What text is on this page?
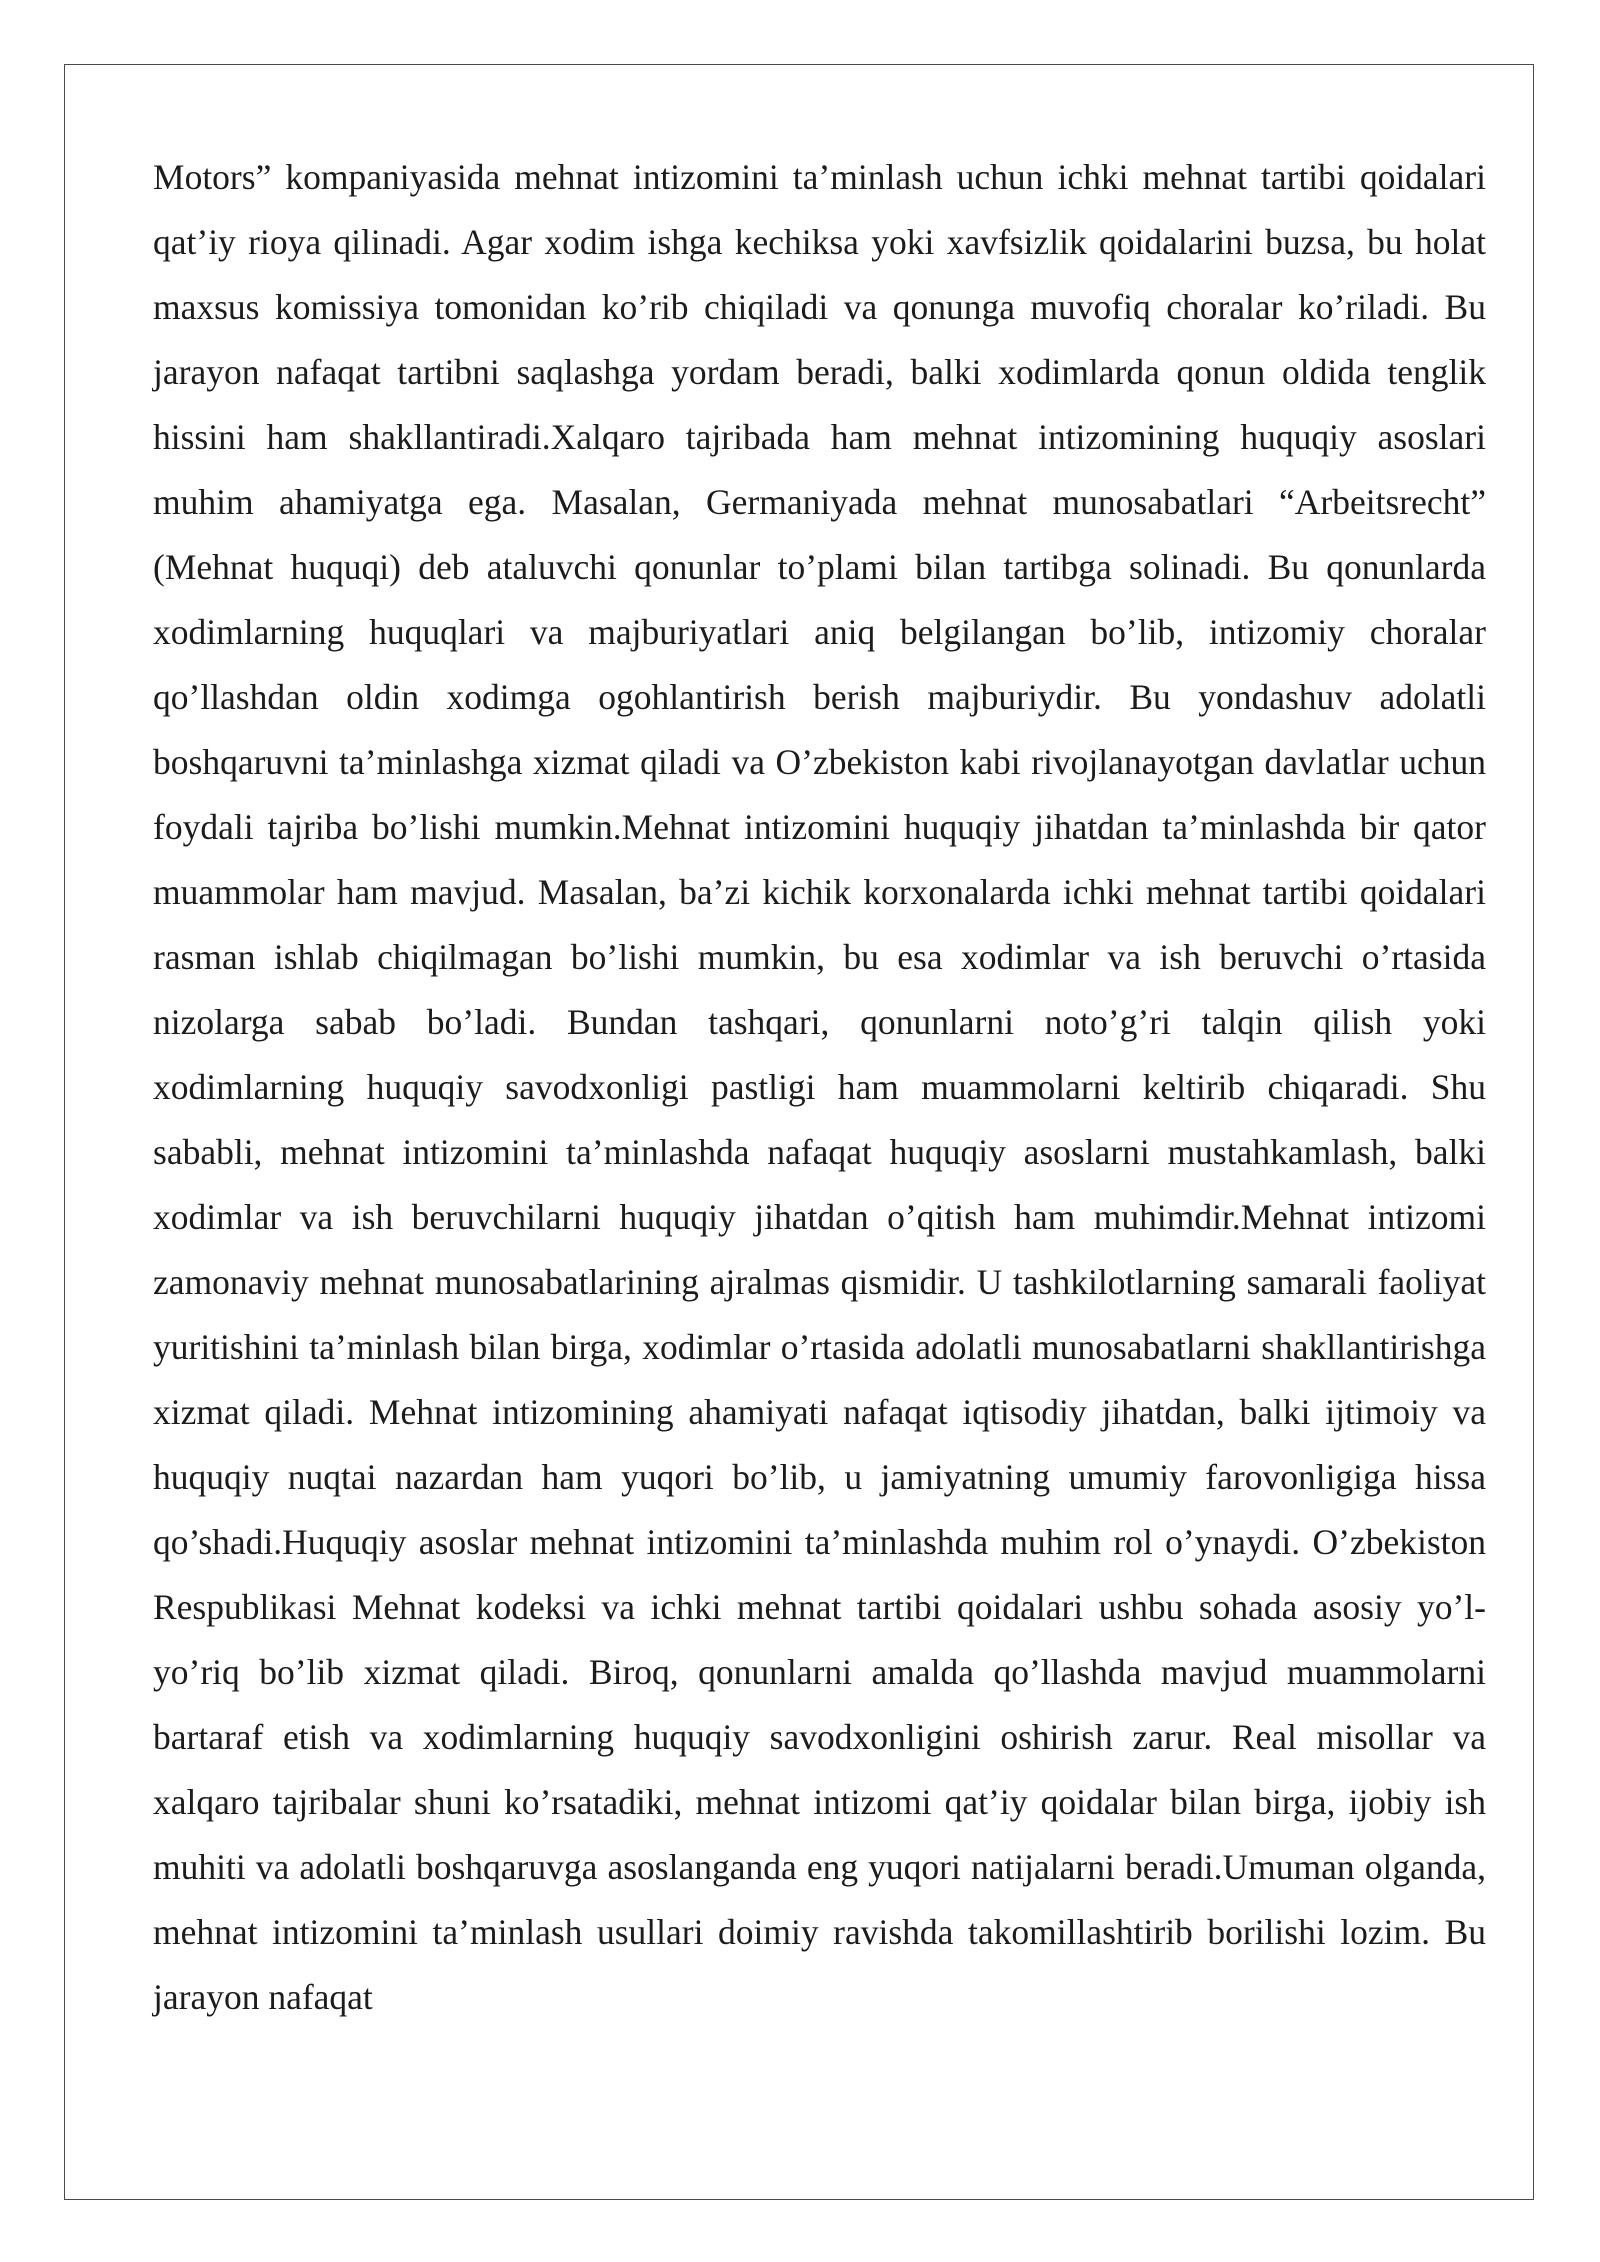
Motors” kompaniyasida mehnat intizomini ta’minlash uchun ichki mehnat tartibi qoidalari qat’iy rioya qilinadi. Agar xodim ishga kechiksa yoki xavfsizlik qoidalarini buzsa, bu holat maxsus komissiya tomonidan ko’rib chiqiladi va qonunga muvofiq choralar ko’riladi. Bu jarayon nafaqat tartibni saqlashga yordam beradi, balki xodimlarda qonun oldida tenglik hissini ham shakllantiradi.Xalqaro tajribada ham mehnat intizomining huquqiy asoslari muhim ahamiyatga ega. Masalan, Germaniyada mehnat munosabatlari “Arbeitsrecht” (Mehnat huquqi) deb ataluvchi qonunlar to’plami bilan tartibga solinadi. Bu qonunlarda xodimlarning huquqlari va majburiyatlari aniq belgilangan bo’lib, intizomiy choralar qo’llashdan oldin xodimga ogohlantirish berish majburiydir. Bu yondashuv adolatli boshqaruvni ta’minlashga xizmat qiladi va O’zbekiston kabi rivojlanayotgan davlatlar uchun foydali tajriba bo’lishi mumkin.Mehnat intizomini huquqiy jihatdan ta’minlashda bir qator muammolar ham mavjud. Masalan, ba’zi kichik korxonalarda ichki mehnat tartibi qoidalari rasman ishlab chiqilmagan bo’lishi mumkin, bu esa xodimlar va ish beruvchi o’rtasida nizolarga sabab bo’ladi. Bundan tashqari, qonunlarni noto’g’ri talqin qilish yoki xodimlarning huquqiy savodxonligi pastligi ham muammolarni keltirib chiqaradi. Shu sababli, mehnat intizomini ta’minlashda nafaqat huquqiy asoslarni mustahkamlash, balki xodimlar va ish beruvchilarni huquqiy jihatdan o’qitish ham muhimdir.Mehnat intizomi zamonaviy mehnat munosabatlarining ajralmas qismidir. U tashkilotlarning samarali faoliyat yuritishini ta’minlash bilan birga, xodimlar o’rtasida adolatli munosabatlarni shakllantirishga xizmat qiladi. Mehnat intizomining ahamiyati nafaqat iqtisodiy jihatdan, balki ijtimoiy va huquqiy nuqtai nazardan ham yuqori bo’lib, u jamiyatning umumiy farovonligiga hissa qo’shadi.Huquqiy asoslar mehnat intizomini ta’minlashda muhim rol o’ynaydi. O’zbekiston Respublikasi Mehnat kodeksi va ichki mehnat tartibi qoidalari ushbu sohada asosiy yo’l-yo’riq bo’lib xizmat qiladi. Biroq, qonunlarni amalda qo’llashda mavjud muammolarni bartaraf etish va xodimlarning huquqiy savodxonligini oshirish zarur. Real misollar va xalqaro tajribalar shuni ko’rsatadiki, mehnat intizomi qat’iy qoidalar bilan birga, ijobiy ish muhiti va adolatli boshqaruvga asoslanganda eng yuqori natijalarni beradi.Umuman olganda, mehnat intizomini ta’minlash usullari doimiy ravishda takomillashtirib borilishi lozim. Bu jarayon nafaqat
